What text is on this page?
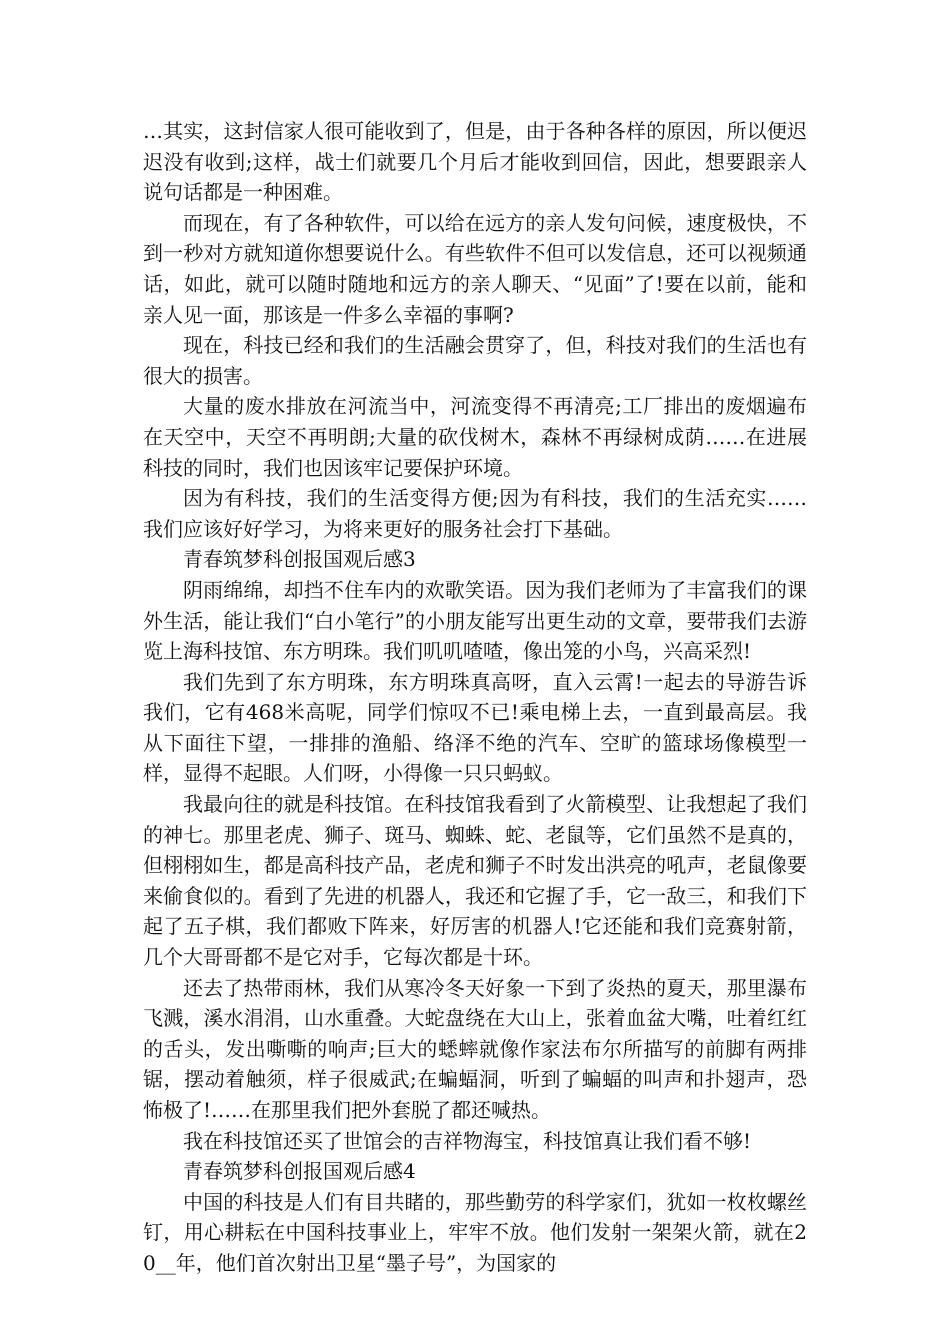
…其实，这封信家人很可能收到了，但是，由于各种各样的原因，所以便迟迟没有收到;这样，战士们就要几个月后才能收到回信，因此，想要跟亲人说句话都是一种困难。

而现在，有了各种软件，可以给在远方的亲人发句问候，速度极快，不到一秒对方就知道你想要说什么。有些软件不但可以发信息，还可以视频通话，如此，就可以随时随地和远方的亲人聊天、“见面”了!要在以前，能和亲人见一面，那该是一件多么幸福的事啊?

现在，科技已经和我们的生活融会贯穿了，但，科技对我们的生活也有很大的损害。

大量的废水排放在河流当中，河流变得不再清亮;工厂排出的废烟遍布在天空中，天空不再明朗;大量的砍伐树木，森林不再绿树成荫……在进展科技的同时，我们也因该牢记要保护环境。

因为有科技，我们的生活变得方便;因为有科技，我们的生活充实……我们应该好好学习，为将来更好的服务社会打下基础。

青春筑梦科创报国观后感3

阴雨绵绵，却挡不住车内的欢歌笑语。因为我们老师为了丰富我们的课外生活，能让我们“白小笔行”的小朋友能写出更生动的文章，要带我们去游览上海科技馆、东方明珠。我们叽叽喳喳，像出笼的小鸟，兴高采烈!

我们先到了东方明珠，东方明珠真高呀，直入云霄!一起去的导游告诉我们，它有468米高呢，同学们惊叹不已!乘电梯上去，一直到最高层。我从下面往下望，一排排的渔船、络泽不绝的汽车、空旷的篮球场像模型一样，显得不起眼。人们呀，小得像一只只蚂蚁。

我最向往的就是科技馆。在科技馆我看到了火箭模型、让我想起了我们的神七。那里老虎、狮子、斑马、蜘蛛、蛇、老鼠等，它们虽然不是真的，但栩栩如生，都是高科技产品，老虎和狮子不时发出洪亮的吼声，老鼠像要来偷食似的。看到了先进的机器人，我还和它握了手，它一敌三，和我们下起了五子棋，我们都败下阵来，好厉害的机器人!它还能和我们竞赛射箭，几个大哥哥都不是它对手，它每次都是十环。

还去了热带雨林，我们从寒冷冬天好象一下到了炎热的夏天，那里瀑布飞溅，溪水涓涓，山水重叠。大蛇盘绕在大山上，张着血盆大嘴，吐着红红的舌头，发出嘶嘶的响声;巨大的蟋蟀就像作家法布尔所描写的前脚有两排锯，摆动着触须，样子很威武;在蝙蝠洞，听到了蝙蝠的叫声和扑翅声，恐怖极了!……在那里我们把外套脱了都还喊热。

我在科技馆还买了世馆会的吉祥物海宝，科技馆真让我们看不够!

青春筑梦科创报国观后感4

中国的科技是人们有目共睹的，那些勤劳的科学家们，犹如一枚枚螺丝钉，用心耕耘在中国科技事业上，牢牢不放。他们发射一架架火箭，就在20__年，他们首次射出卫星“墨子号”，为国家的
